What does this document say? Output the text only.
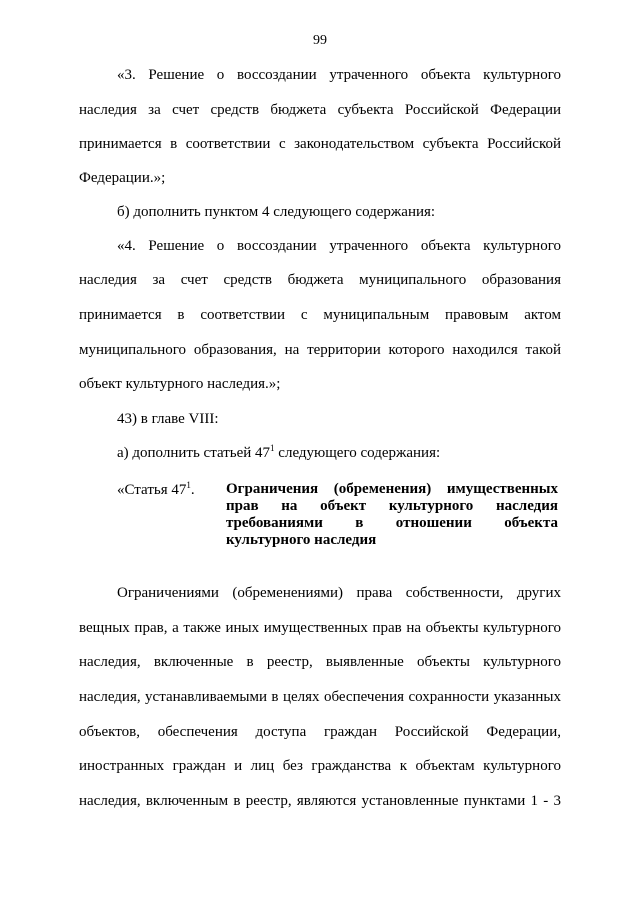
99
«3. Решение о воссоздании утраченного объекта культурного
наследия за счет средств бюджета субъекта Российской Федерации
принимается в соответствии с законодательством субъекта Российской
Федерации.»;
б) дополнить пунктом 4 следующего содержания:
«4. Решение о воссоздании утраченного объекта культурного
наследия за счет средств бюджета муниципального образования
принимается в соответствии с муниципальным правовым актом
муниципального образования, на территории которого находился такой
объект культурного наследия.»;
43) в главе VIII:
а) дополнить статьей $47^1$ следующего содержания:
«Статья $47^1$. Ограничения (обременения) имущественных
прав на объект культурного наследия
требованиями в отношении объекта
культурного наследия
Ограничениями (обременениями) права собственности, других
вещных прав, а также иных имущественных прав на объекты культурного
наследия, включенные в реестр, выявленные объекты культурного
наследия, устанавливаемыми в целях обеспечения сохранности указанных
объектов, обеспечения доступа граждан Российской Федерации,
иностранных граждан и лиц без гражданства к объектам культурного
наследия, включенным в реестр, являются установленные пунктами 1 - 3
